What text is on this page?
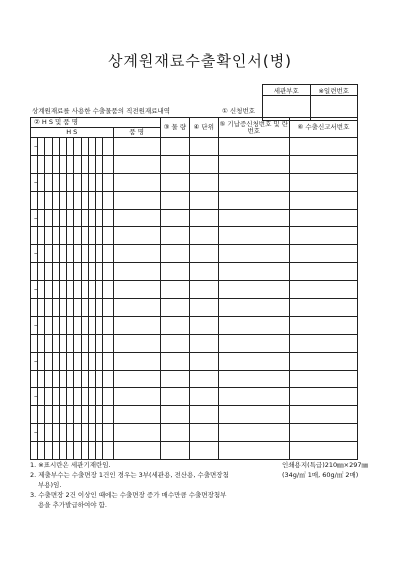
상계원재료수출확인서(병)
세관부호	※일련번호

상계원재료를 사용한 수출물품의 직전원재료내역	① 신청번호
② H S 및 품 명												③ 물 량	④ 단위	⑤ 기납증신청번호 및 란 번호	⑥ 수출신고서번호
H S											품 명				
–															

–															

–															

–															

–															

–															

–															

–															

–															

1. ※표시란은 세관기재란임.
2. 제출부수는 수출면장 1건인 경우는 3부(세관용, 전산용, 수출면장첨
부용)임.
3. 수출면장 2건 이상인 때에는 수출면장 증가 매수만큼 수출면장첨부
용을 추가발급하여야 함.
인쇄용지(특급)210㎜×297㎜
(34g/㎡ 1매, 60g/㎡ 2매)
